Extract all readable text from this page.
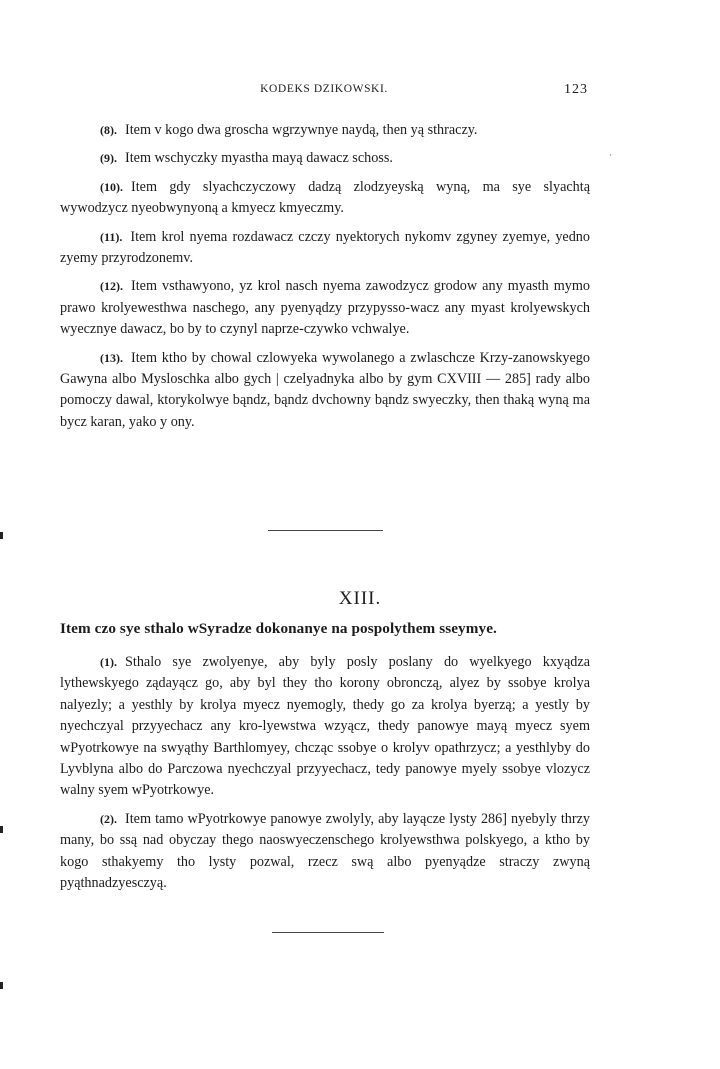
KODEKS DZIKOWSKI.	123
˙

(8). Item v kogo dwa groscha wgrzywnye naydą, then yą sthraczy.

(9). Item wschyczky myastha mayą dawacz schoss.

(10). Item gdy slyachczyczowy dadzą zlodzyeyską wyną, ma sye slyachtą wywodzycz nyeobwynyoną a kmyecz kmyeczmy.

(11). Item krol nyema rozdawacz czczy nyektorych nykomv zgyney zyemye, yedno zyemy przyrodzonemv.

(12). Item vsthawyono, yz krol nasch nyema zawodzycz grodow any myasth mymo prawo krolyewesthwa naschego, any pyenyądzy przypysso-wacz any myast krolyewskych wyecznye dawacz, bo by to czynyl naprze-czywko vchwalye.

(13). Item ktho by chowal czlowyeka wywolanego a zwlaschcze Krzy-zanowskyego Gawyna albo Mysloschka albo gych | czelyadnyka albo by gym CXVIII — 285] rady albo pomoczy dawal, ktorykolwye bąndz, bąndz dvchowny bąndz swyeczky, then thaką wyną ma bycz karan, yako y ony.

XIII.
Item czo sye sthalo wSyradze dokonanye na pospolythem sseymye.

(1). Sthalo sye zwolyenye, aby byly posly poslany do wyelkyego kxyądza lythewskyego ządayącz go, aby byl they tho korony obronczą, alyez by ssobye krolya nalyezly; a yesthly by krolya myecz nyemogly, thedy go za krolya byerzą; a yestly by nyechczyal przyyechacz any kro-lyewstwa wzyącz, thedy panowye mayą myecz syem wPyotrkowye na swyąthy Barthlomyey, chcząc ssobye o krolyv opathrzycz; a yesthlyby do Lyvblyna albo do Parczowa nyechczyal przyyechacz, tedy panowye myely ssobye vlozycz walny syem wPyotrkowye.

(2). Item tamo wPyotrkowye panowye zwolyly, aby layącze lysty 286] nyebyly thrzy many, bo ssą nad obyczay thego naoswyeczenschego krolyewsthwa polskyego, a ktho by kogo sthakyemy tho lysty pozwal, rzecz swą albo pyenyądze straczy zwyną pyąthnadzyesczyą.
